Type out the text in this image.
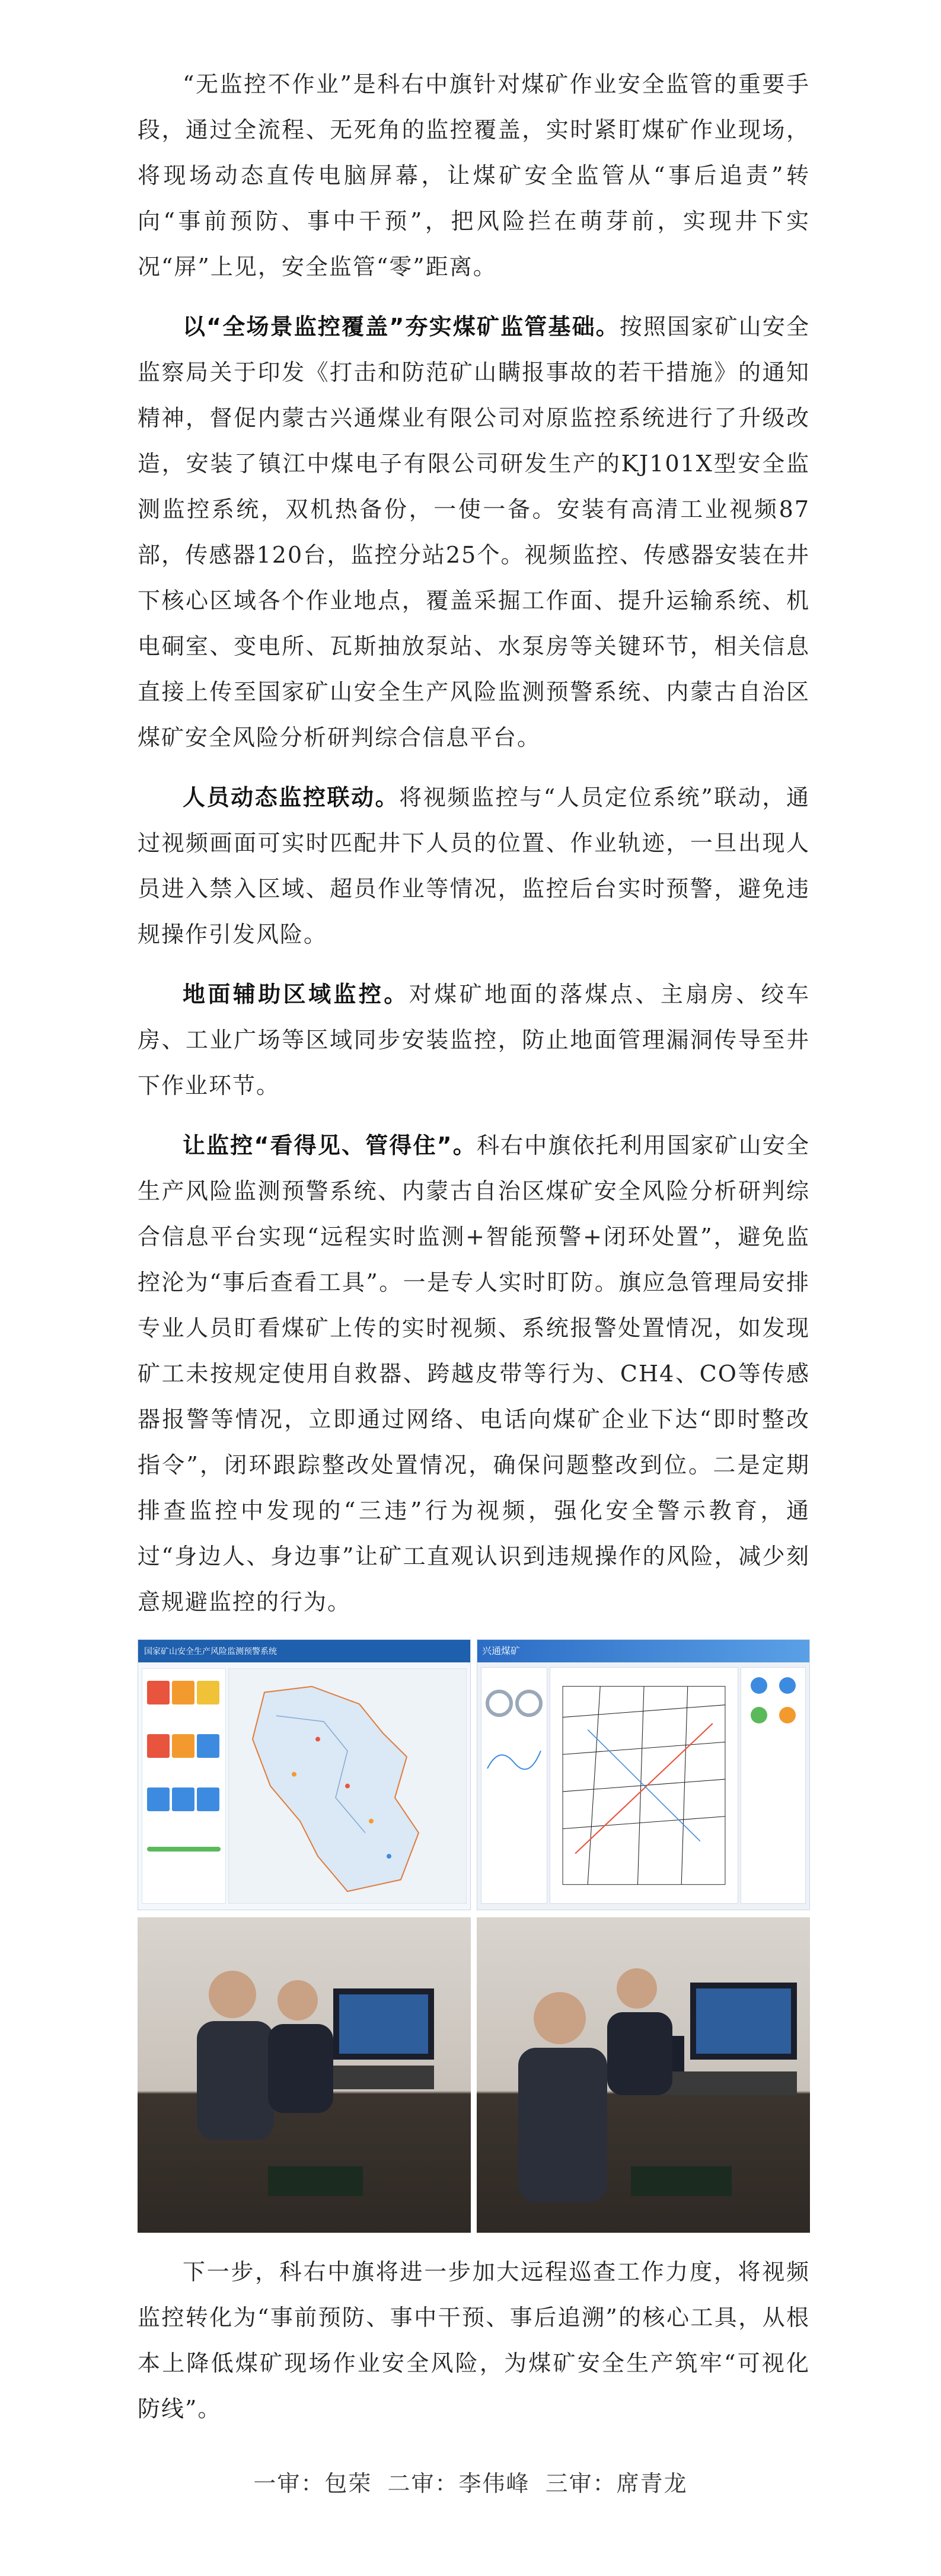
“无监控不作业”是科右中旗针对煤矿作业安全监管的重要手段，通过全流程、无死角的监控覆盖，实时紧盯煤矿作业现场，将现场动态直传电脑屏幕，让煤矿安全监管从“事后追责”转向“事前预防、事中干预”，把风险拦在萌芽前，实现井下实况“屏”上见，安全监管“零”距离。

以“全场景监控覆盖”夯实煤矿监管基础。按照国家矿山安全监察局关于印发《打击和防范矿山瞒报事故的若干措施》的通知精神，督促内蒙古兴通煤业有限公司对原监控系统进行了升级改造，安装了镇江中煤电子有限公司研发生产的KJ101X型安全监测监控系统，双机热备份，一使一备。安装有高清工业视频87部，传感器120台，监控分站25个。视频监控、传感器安装在井下核心区域各个作业地点，覆盖采掘工作面、提升运输系统、机电硐室、变电所、瓦斯抽放泵站、水泵房等关键环节，相关信息直接上传至国家矿山安全生产风险监测预警系统、内蒙古自治区煤矿安全风险分析研判综合信息平台。

人员动态监控联动。将视频监控与“人员定位系统”联动，通过视频画面可实时匹配井下人员的位置、作业轨迹，一旦出现人员进入禁入区域、超员作业等情况，监控后台实时预警，避免违规操作引发风险。

地面辅助区域监控。对煤矿地面的落煤点、主扇房、绞车房、工业广场等区域同步安装监控，防止地面管理漏洞传导至井下作业环节。

让监控“看得见、管得住”。科右中旗依托利用国家矿山安全生产风险监测预警系统、内蒙古自治区煤矿安全风险分析研判综合信息平台实现“远程实时监测+智能预警+闭环处置”，避免监控沦为“事后查看工具”。一是专人实时盯防。旗应急管理局安排专业人员盯看煤矿上传的实时视频、系统报警处置情况，如发现矿工未按规定使用自救器、跨越皮带等行为、CH4、CO等传感器报警等情况，立即通过网络、电话向煤矿企业下达“即时整改指令”，闭环跟踪整改处置情况，确保问题整改到位。二是定期排查监控中发现的“三违”行为视频，强化安全警示教育，通过“身边人、身边事”让矿工直观认识到违规操作的风险，减少刻意规避监控的行为。

国家矿山安全生产风险监测预警系统	兴通煤矿

下一步，科右中旗将进一步加大远程巡查工作力度，将视频监控转化为“事前预防、事中干预、事后追溯”的核心工具，从根本上降低煤矿现场作业安全风险，为煤矿安全生产筑牢“可视化防线”。

一审：包荣 二审：李伟峰 三审：席青龙
